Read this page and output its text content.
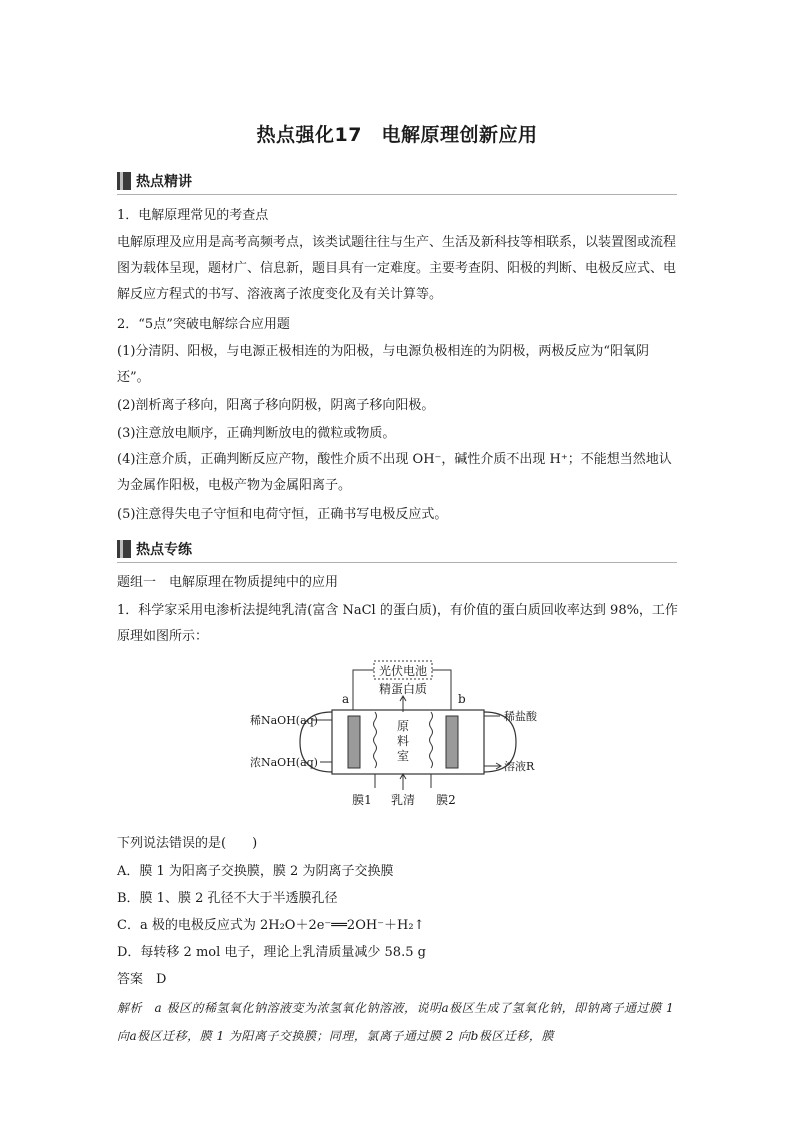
热点强化17　电解原理创新应用
热点精讲

1．电解原理常见的考查点

电解原理及应用是高考高频考点，该类试题往往与生产、生活及新科技等相联系，以装置图或流程图为载体呈现，题材广、信息新，题目具有一定难度。主要考查阴、阳极的判断、电极反应式、电解反应方程式的书写、溶液离子浓度变化及有关计算等。

2．“5点”突破电解综合应用题

(1)分清阴、阳极，与电源正极相连的为阳极，与电源负极相连的为阴极，两极反应为“阳氧阴还”。

(2)剖析离子移向，阳离子移向阴极，阴离子移向阳极。

(3)注意放电顺序，正确判断放电的微粒或物质。

(4)注意介质，正确判断反应产物，酸性介质不出现 OH⁻，碱性介质不出现 H⁺；不能想当然地认为金属作阳极，电极产物为金属阳离子。

(5)注意得失电子守恒和电荷守恒，正确书写电极反应式。

热点专练

题组一　电解原理在物质提纯中的应用

1．科学家采用电渗析法提纯乳清(富含 NaCl 的蛋白质)，有价值的蛋白质回收率达到 98%，工作原理如图所示：

光伏电池
精蛋白质
a	b
原
料
室
稀NaOH(aq)
浓NaOH(aq)
稀盐酸
溶液R
膜1 乳清 膜2

下列说法错误的是(　　)

A．膜 1 为阳离子交换膜，膜 2 为阴离子交换膜

B．膜 1、膜 2 孔径不大于半透膜孔径

C．a 极的电极反应式为 2H₂O＋2e⁻══2OH⁻＋H₂↑

D．每转移 2 mol 电子，理论上乳清质量减少 58.5 g

答案　D

解析　a 极区的稀氢氧化钠溶液变为浓氢氧化钠溶液，说明a极区生成了氢氧化钠，即钠离子通过膜 1 向a极区迁移，膜 1 为阳离子交换膜；同理，氯离子通过膜 2 向b极区迁移，膜
